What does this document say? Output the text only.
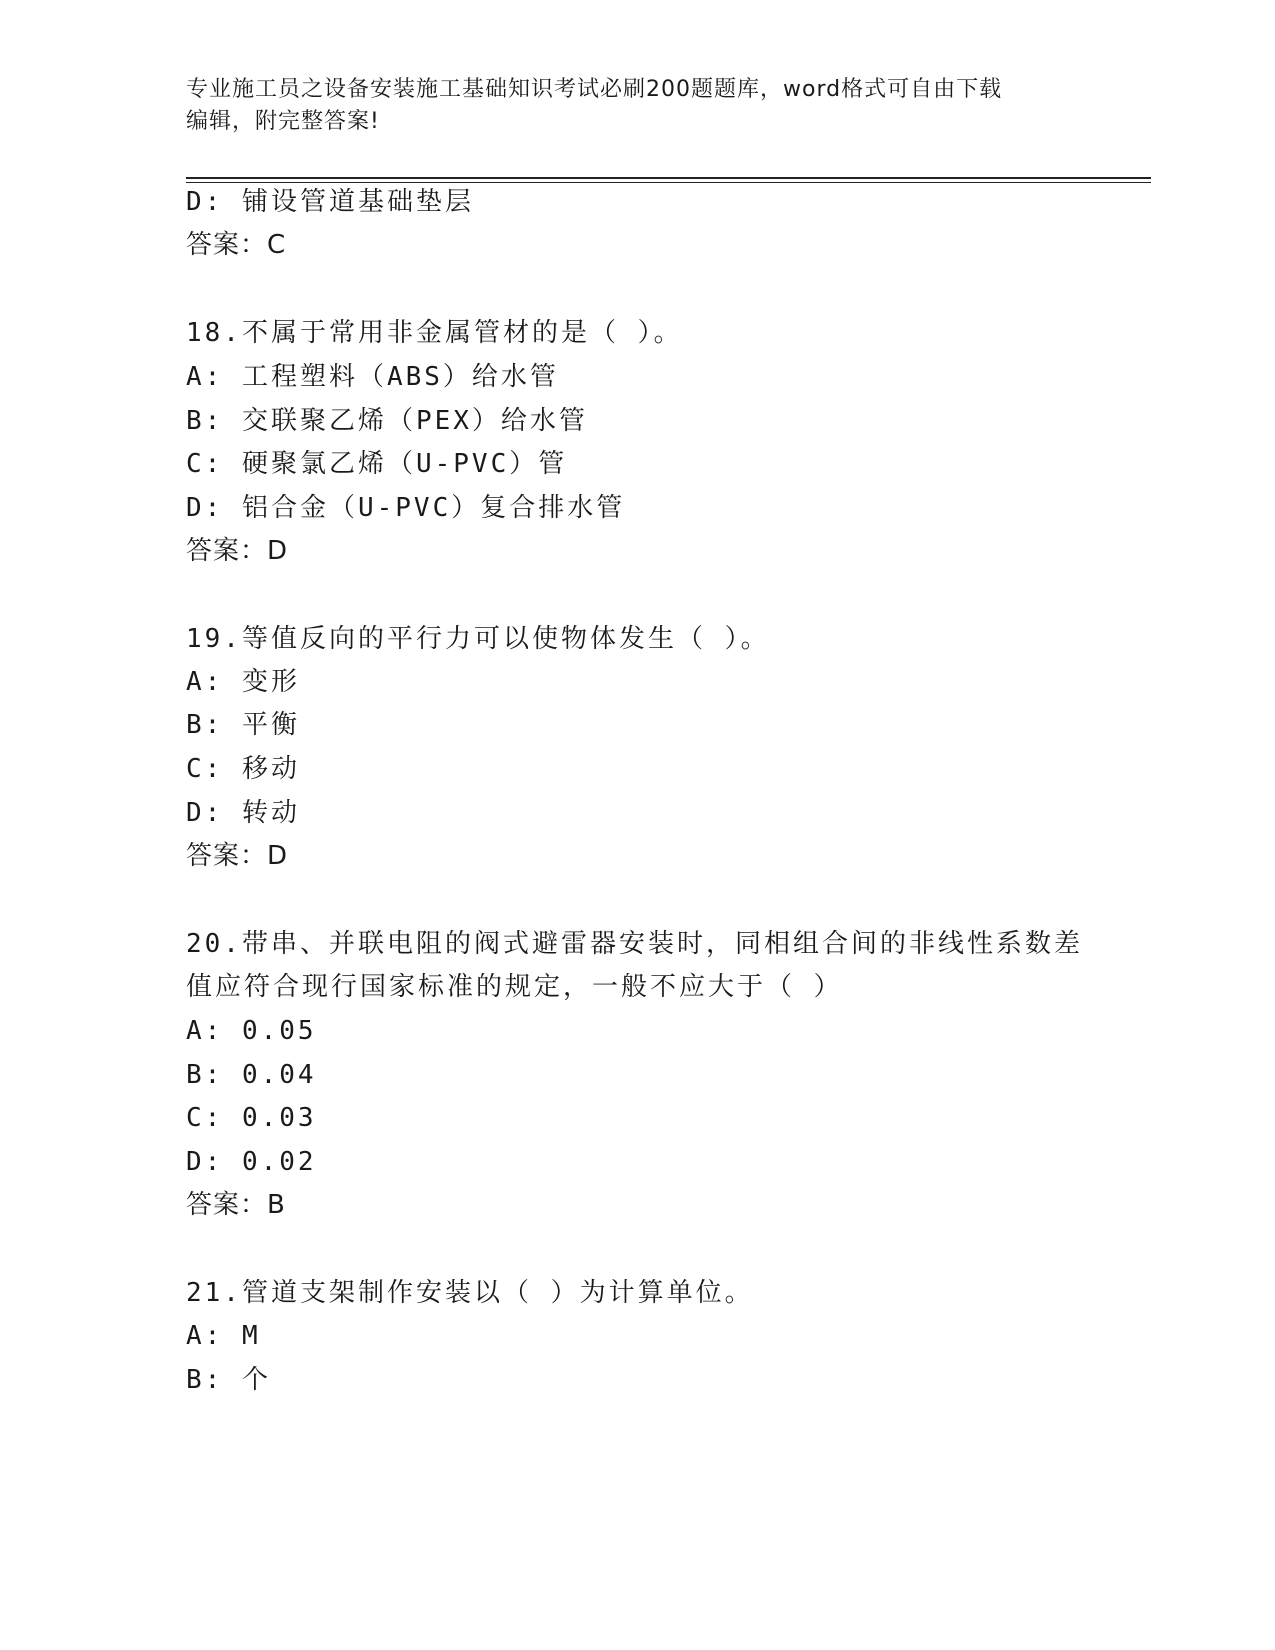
专业施工员之设备安装施工基础知识考试必刷200题题库，word格式可自由下载
编辑，附完整答案!
D: 铺设管道基础垫层
答案：C
18.不属于常用非金属管材的是（ ）。
A: 工程塑料（ABS）给水管
B: 交联聚乙烯（PEX）给水管
C: 硬聚氯乙烯（U-PVC）管
D: 铝合金（U-PVC）复合排水管
答案：D
19.等值反向的平行力可以使物体发生（ ）。
A: 变形
B: 平衡
C: 移动
D: 转动
答案：D
20.带串、并联电阻的阀式避雷器安装时，同相组合间的非线性系数差
值应符合现行国家标准的规定，一般不应大于（ ）
A: 0.05
B: 0.04
C: 0.03
D: 0.02
答案：B
21.管道支架制作安装以（ ）为计算单位。
A: M
B: 个
